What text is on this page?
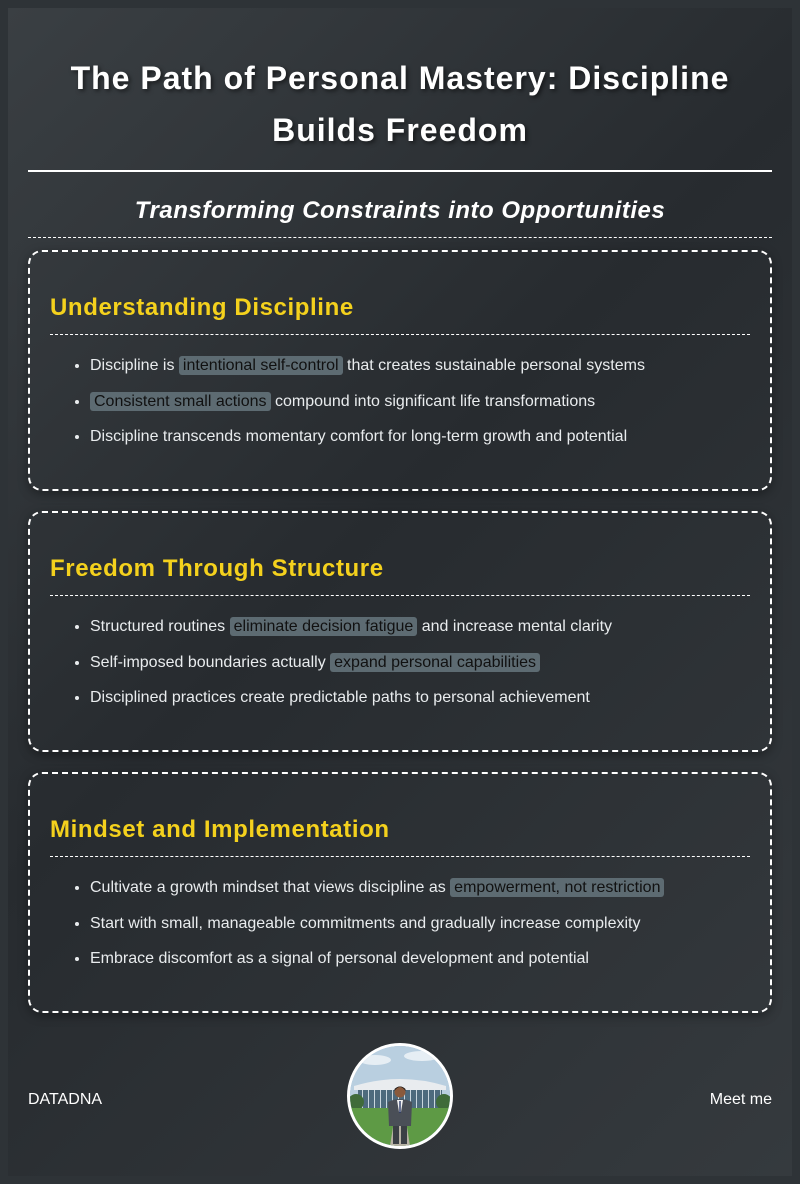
The Path of Personal Mastery: Discipline Builds Freedom
Transforming Constraints into Opportunities
Understanding Discipline
• Discipline is intentional self-control that creates sustainable personal systems
• Consistent small actions compound into significant life transformations
• Discipline transcends momentary comfort for long-term growth and potential
Freedom Through Structure
• Structured routines eliminate decision fatigue and increase mental clarity
• Self-imposed boundaries actually expand personal capabilities
• Disciplined practices create predictable paths to personal achievement
Mindset and Implementation
• Cultivate a growth mindset that views discipline as empowerment, not restriction
• Start with small, manageable commitments and gradually increase complexity
• Embrace discomfort as a signal of personal development and potential
DATADNA	Meet me
